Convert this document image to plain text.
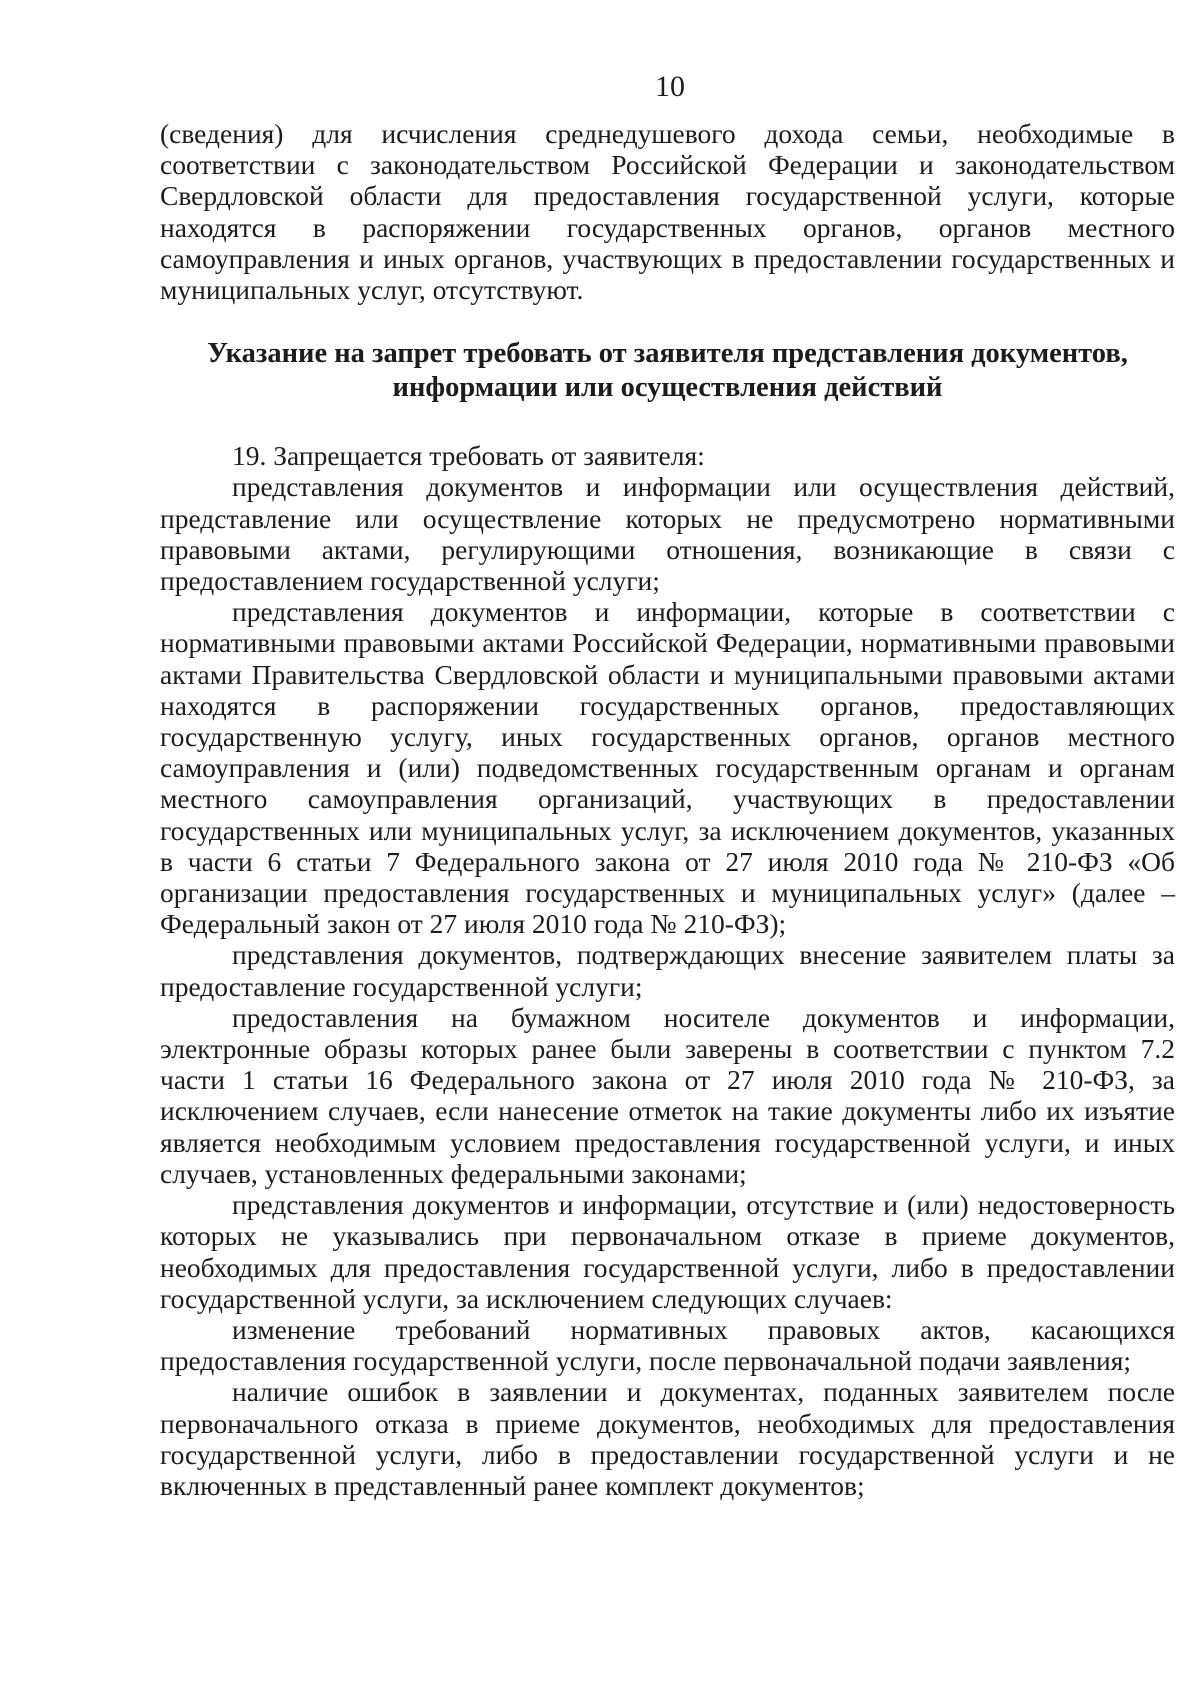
10

(сведения) для исчисления среднедушевого дохода семьи, необходимые в соответствии с законодательством Российской Федерации и законодательством Свердловской области для предоставления государственной услуги, которые находятся в распоряжении государственных органов, органов местного самоуправления и иных органов, участвующих в предоставлении государственных и муниципальных услуг, отсутствуют.

Указание на запрет требовать от заявителя представления документов,
информации или осуществления действий

19. Запрещается требовать от заявителя:

представления документов и информации или осуществления действий, представление или осуществление которых не предусмотрено нормативными правовыми актами, регулирующими отношения, возникающие в связи с предоставлением государственной услуги;

представления документов и информации, которые в соответствии с нормативными правовыми актами Российской Федерации, нормативными правовыми актами Правительства Свердловской области и муниципальными правовыми актами находятся в распоряжении государственных органов, предоставляющих государственную услугу, иных государственных органов, органов местного самоуправления и (или) подведомственных государственным органам и органам местного самоуправления организаций, участвующих в предоставлении государственных или муниципальных услуг, за исключением документов, указанных в части 6 статьи 7 Федерального закона от 27 июля 2010 года № 210-ФЗ «Об организации предоставления государственных и муниципальных услуг» (далее – Федеральный закон от 27 июля 2010 года № 210-ФЗ);

представления документов, подтверждающих внесение заявителем платы за предоставление государственной услуги;

предоставления на бумажном носителе документов и информации, электронные образы которых ранее были заверены в соответствии с пунктом 7.2 части 1 статьи 16 Федерального закона от 27 июля 2010 года № 210-ФЗ, за исключением случаев, если нанесение отметок на такие документы либо их изъятие является необходимым условием предоставления государственной услуги, и иных случаев, установленных федеральными законами;

представления документов и информации, отсутствие и (или) недостоверность которых не указывались при первоначальном отказе в приеме документов, необходимых для предоставления государственной услуги, либо в предоставлении государственной услуги, за исключением следующих случаев:

изменение требований нормативных правовых актов, касающихся предоставления государственной услуги, после первоначальной подачи заявления;

наличие ошибок в заявлении и документах, поданных заявителем после первоначального отказа в приеме документов, необходимых для предоставления государственной услуги, либо в предоставлении государственной услуги и не включенных в представленный ранее комплект документов;
